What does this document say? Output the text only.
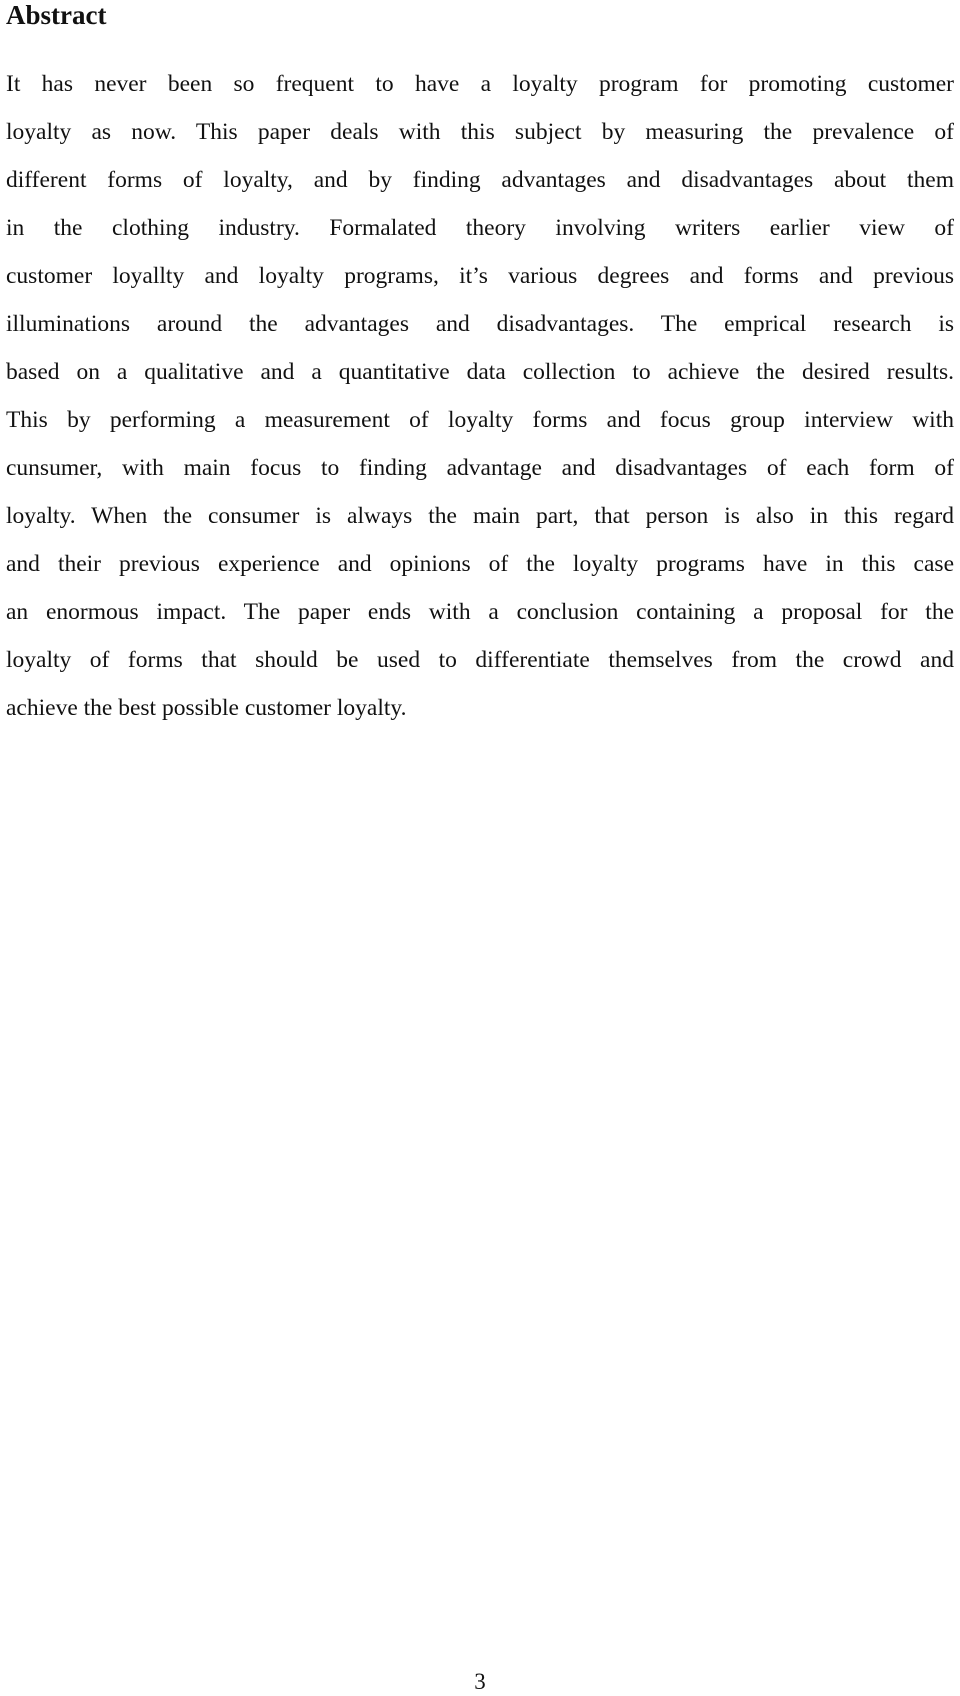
Abstract
It has never been so frequent to have a loyalty program for promoting customer
loyalty as now. This paper deals with this subject by measuring the prevalence of
different forms of loyalty, and by finding advantages and disadvantages about them
in the clothing industry. Formalated theory involving writers earlier view of
customer loyallty and loyalty programs, it’s various degrees and forms and previous
illuminations around the advantages and disadvantages. The emprical research is
based on a qualitative and a quantitative data collection to achieve the desired results.
This by performing a measurement of loyalty forms and focus group interview with
cunsumer, with main focus to finding advantage and disadvantages of each form of
loyalty. When the consumer is always the main part, that person is also in this regard
and their previous experience and opinions of the loyalty programs have in this case
an enormous impact. The paper ends with a conclusion containing a proposal for the
loyalty of forms that should be used to differentiate themselves from the crowd and
achieve the best possible customer loyalty.
3
